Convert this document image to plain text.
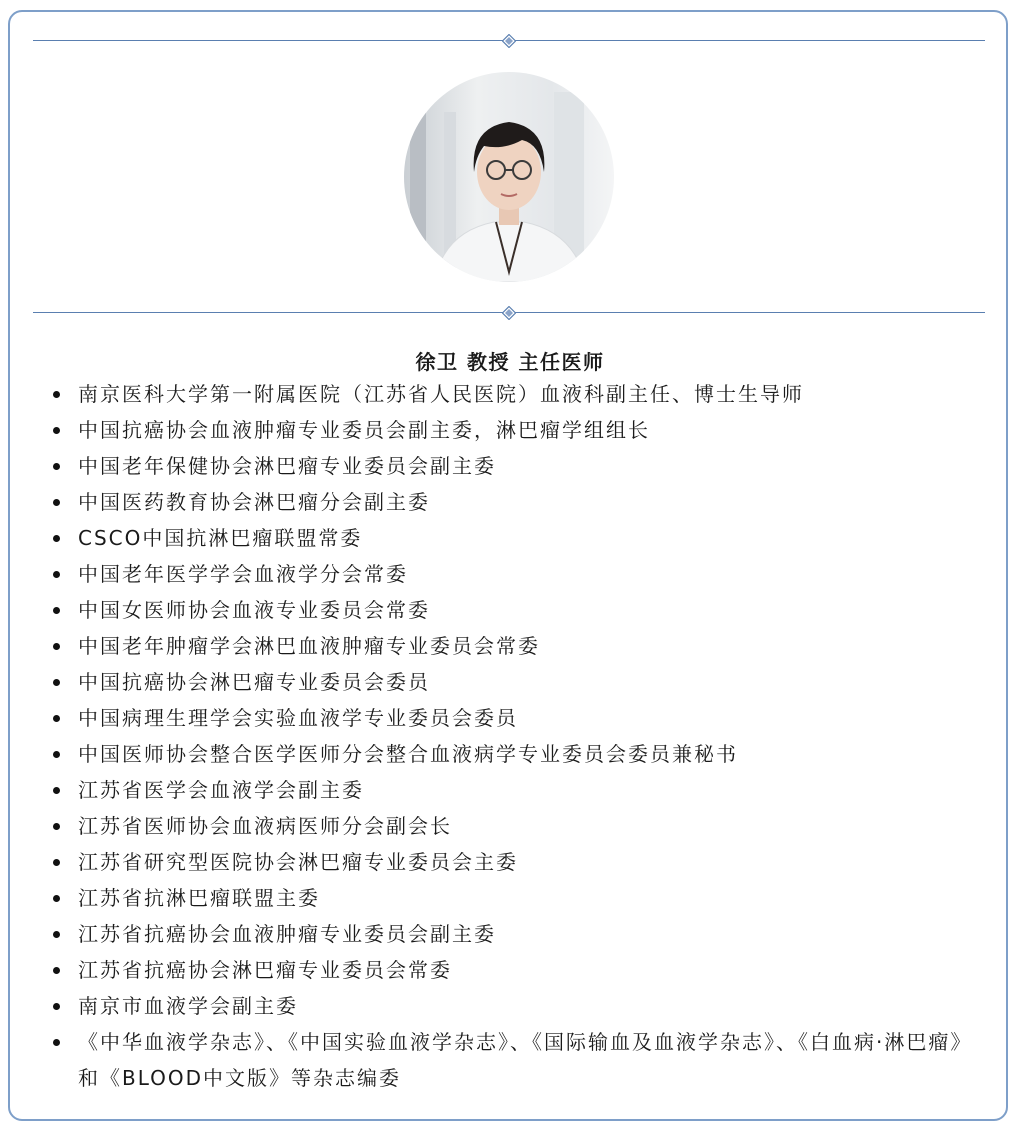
徐卫 教授 主任医师
南京医科大学第一附属医院（江苏省人民医院）血液科副主任、博士生导师
中国抗癌协会血液肿瘤专业委员会副主委，淋巴瘤学组组长
中国老年保健协会淋巴瘤专业委员会副主委
中国医药教育协会淋巴瘤分会副主委
CSCO中国抗淋巴瘤联盟常委
中国老年医学学会血液学分会常委
中国女医师协会血液专业委员会常委
中国老年肿瘤学会淋巴血液肿瘤专业委员会常委
中国抗癌协会淋巴瘤专业委员会委员
中国病理生理学会实验血液学专业委员会委员
中国医师协会整合医学医师分会整合血液病学专业委员会委员兼秘书
江苏省医学会血液学会副主委
江苏省医师协会血液病医师分会副会长
江苏省研究型医院协会淋巴瘤专业委员会主委
江苏省抗淋巴瘤联盟主委
江苏省抗癌协会血液肿瘤专业委员会副主委
江苏省抗癌协会淋巴瘤专业委员会常委
南京市血液学会副主委
《中华血液学杂志》、《中国实验血液学杂志》、《国际输血及血液学杂志》、《白血病·淋巴瘤》和《BLOOD中文版》等杂志编委
